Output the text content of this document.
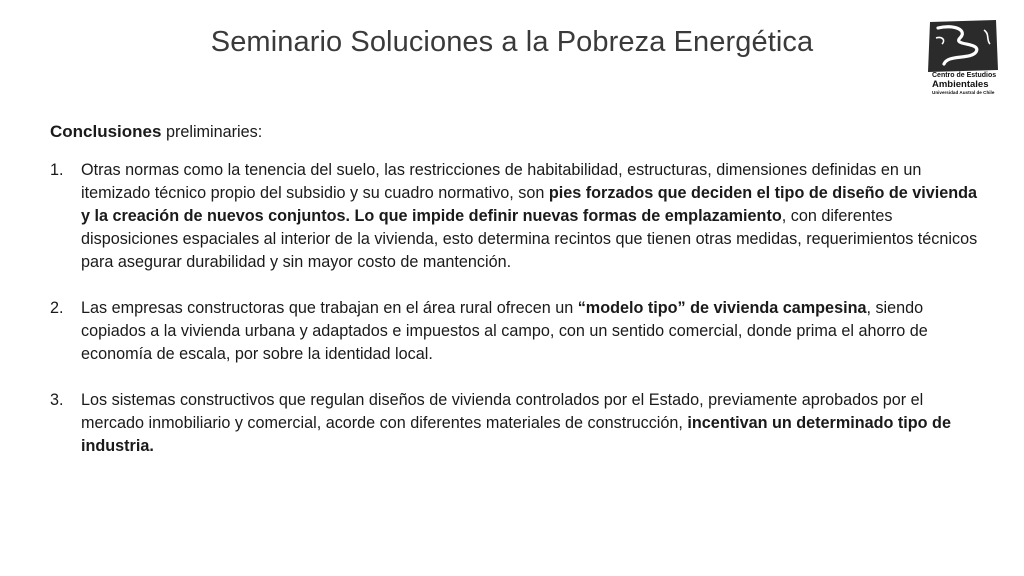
Seminario Soluciones a la Pobreza Energética
Centro de Estudios
Ambientales
Universidad Austral de Chile
Conclusiones preliminaries:
1. Otras normas como la tenencia del suelo, las restricciones de habitabilidad, estructuras, dimensiones definidas en un itemizado técnico propio del subsidio y su cuadro normativo, son pies forzados que deciden el tipo de diseño de vivienda y la creación de nuevos conjuntos. Lo que impide definir nuevas formas de emplazamiento, con diferentes disposiciones espaciales al interior de la vivienda, esto determina recintos que tienen otras medidas, requerimientos técnicos para asegurar durabilidad y sin mayor costo de mantención.
2. Las empresas constructoras que trabajan en el área rural ofrecen un “modelo tipo” de vivienda campesina, siendo copiados a la vivienda urbana y adaptados e impuestos al campo, con un sentido comercial, donde prima el ahorro de economía de escala, por sobre la identidad local.
3. Los sistemas constructivos que regulan diseños de vivienda controlados por el Estado, previamente aprobados por el mercado inmobiliario y comercial, acorde con diferentes materiales de construcción, incentivan un determinado tipo de industria.
